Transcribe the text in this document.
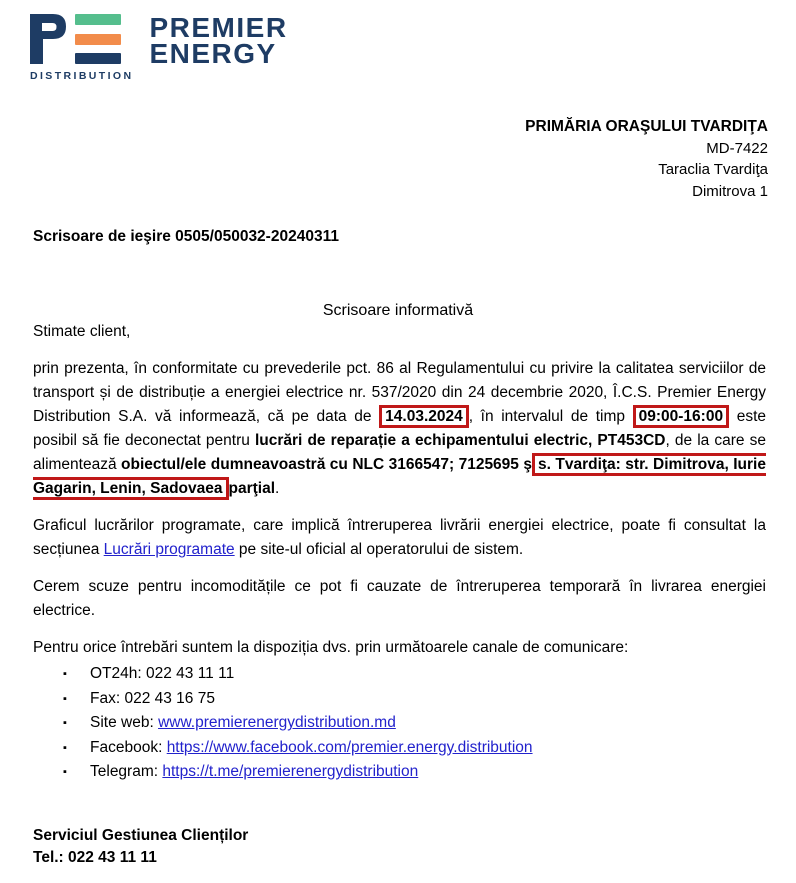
DISTRIBUTION
PREMIER
ENERGY
PRIMĂRIA ORAŞULUI TVARDIŢA
MD-7422
Taraclia Tvardiţa
Dimitrova 1
Scrisoare de ieşire 0505/050032-20240311
Scrisoare informativă
Stimate client,
prin prezenta, în conformitate cu prevederile pct. 86 al Regulamentului cu privire la calitatea serviciilor de transport și de distribuție a energiei electrice nr. 537/2020 din 24 decembrie 2020, Î.C.S. Premier Energy Distribution S.A. vă informează, că pe data de 14.03.2024 , în intervalul de timp 09:00-16:00 este posibil să fie deconectat pentru lucrări de reparație a echipamentului electric, PT453CD, de la care se alimentează obiectul/ele dumneavoastră cu NLC 3166547; 7125695 ş s. Tvardiţa: str. Dimitrova, Iurie Gagarin, Lenin, Sadovaea parţial.
Graficul lucrărilor programate, care implică întreruperea livrării energiei electrice, poate fi consultat la secțiunea Lucrări programate pe site-ul oficial al operatorului de sistem.
Cerem scuze pentru incomoditățile ce pot fi cauzate de întreruperea temporară în livrarea energiei electrice.
Pentru orice întrebări suntem la dispoziția dvs. prin următoarele canale de comunicare:
▪ OT24h: 022 43 11 11
▪ Fax: 022 43 16 75
▪ Site web: www.premierenergydistribution.md
▪ Facebook: https://www.facebook.com/premier.energy.distribution
▪ Telegram: https://t.me/premierenergydistribution
Serviciul Gestiunea Clienților
Tel.: 022 43 11 11
